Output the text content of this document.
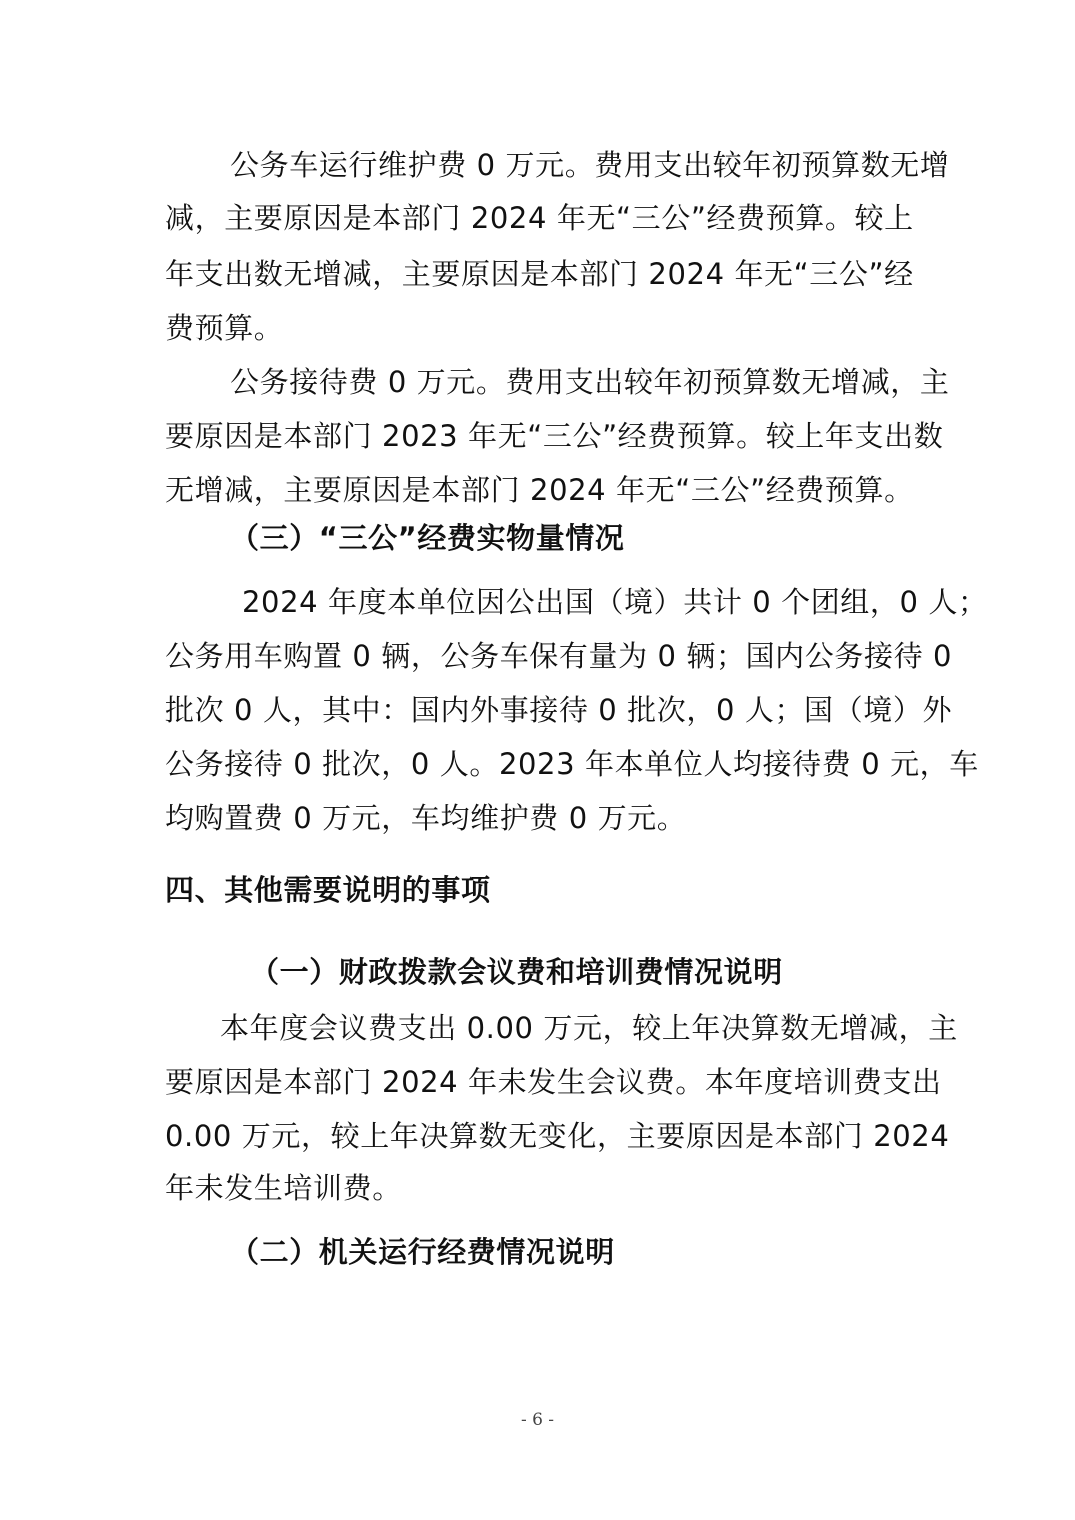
公务车运行维护费 0 万元。费用支出较年初预算数无增
减，主要原因是本部门 2024 年无“三公”经费预算。较上
年支出数无增减，主要原因是本部门 2024 年无“三公”经
费预算。
公务接待费 0 万元。费用支出较年初预算数无增减，主
要原因是本部门 2023 年无“三公”经费预算。较上年支出数
无增减，主要原因是本部门 2024 年无“三公”经费预算。
（三）“三公”经费实物量情况
2024 年度本单位因公出国（境）共计 0 个团组，0 人；
公务用车购置 0 辆，公务车保有量为 0 辆；国内公务接待 0
批次 0 人，其中：国内外事接待 0 批次，0 人；国（境）外
公务接待 0 批次，0 人。2023 年本单位人均接待费 0 元，车
均购置费 0 万元，车均维护费 0 万元。
四、其他需要说明的事项
（一）财政拨款会议费和培训费情况说明
本年度会议费支出 0.00 万元，较上年决算数无增减，主
要原因是本部门 2024 年未发生会议费。本年度培训费支出
0.00 万元，较上年决算数无变化，主要原因是本部门 2024
年未发生培训费。
（二）机关运行经费情况说明
- 6 -
